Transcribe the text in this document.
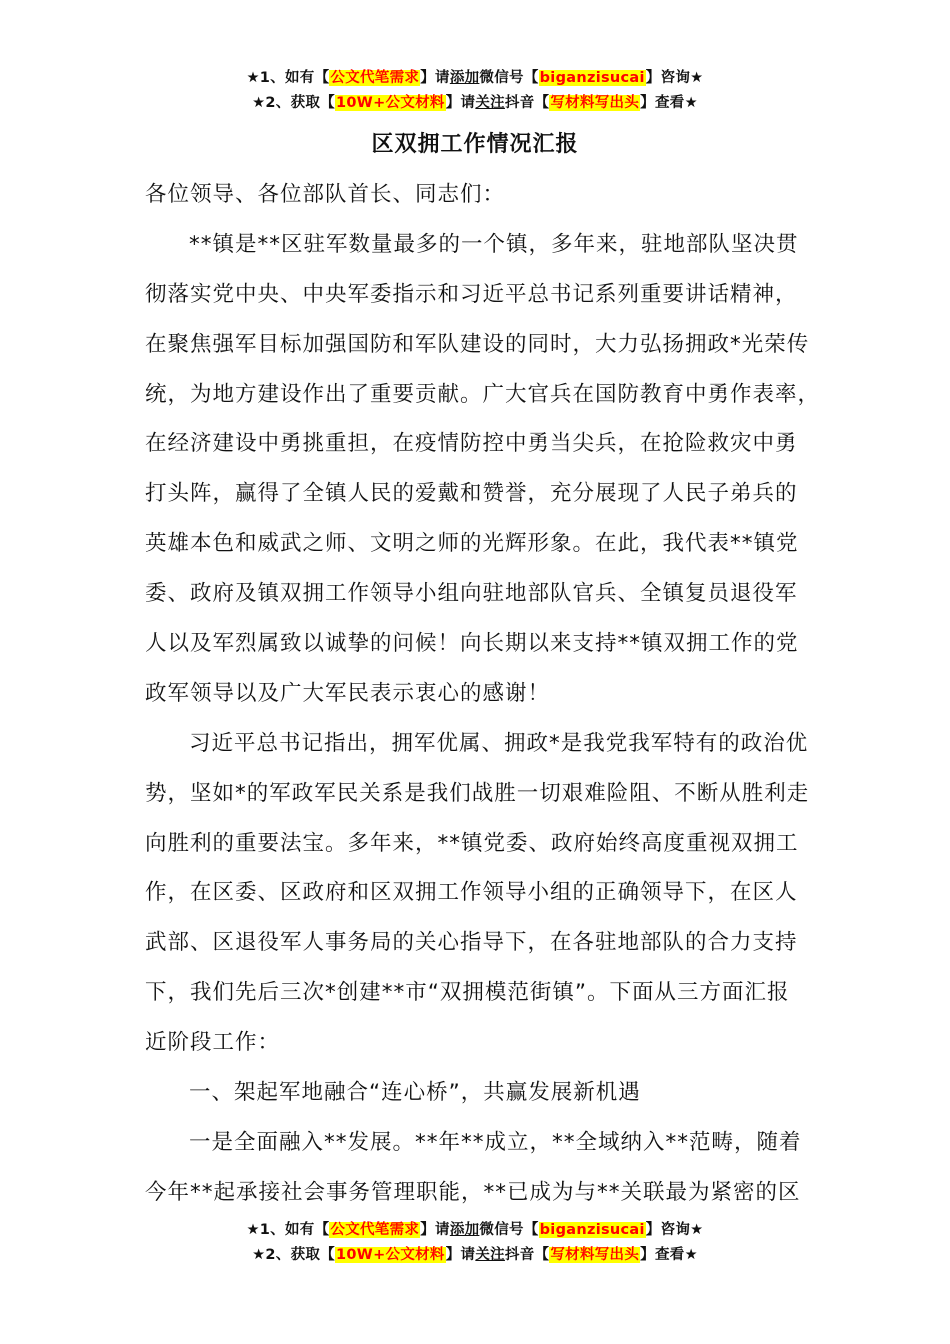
★1、如有【公文代笔需求】请添加微信号【biganzisucai】咨询★
★2、获取【10W+公文材料】请关注抖音【写材料写出头】查看★
区双拥工作情况汇报
各位领导、各位部队首长、同志们：
**镇是**区驻军数量最多的一个镇，多年来，驻地部队坚决贯
彻落实党中央、中央军委指示和习近平总书记系列重要讲话精神，
在聚焦强军目标加强国防和军队建设的同时，大力弘扬拥政*光荣传
统，为地方建设作出了重要贡献。广大官兵在国防教育中勇作表率，
在经济建设中勇挑重担，在疫情防控中勇当尖兵，在抢险救灾中勇
打头阵，赢得了全镇人民的爱戴和赞誉，充分展现了人民子弟兵的
英雄本色和威武之师、文明之师的光辉形象。在此，我代表**镇党
委、政府及镇双拥工作领导小组向驻地部队官兵、全镇复员退役军
人以及军烈属致以诚挚的问候！向长期以来支持**镇双拥工作的党
政军领导以及广大军民表示衷心的感谢！
习近平总书记指出，拥军优属、拥政*是我党我军特有的政治优
势，坚如*的军政军民关系是我们战胜一切艰难险阻、不断从胜利走
向胜利的重要法宝。多年来，**镇党委、政府始终高度重视双拥工
作，在区委、区政府和区双拥工作领导小组的正确领导下，在区人
武部、区退役军人事务局的关心指导下，在各驻地部队的合力支持
下，我们先后三次*创建**市“双拥模范街镇”。下面从三方面汇报
近阶段工作：
一、架起军地融合“连心桥”，共赢发展新机遇
一是全面融入**发展。**年**成立，**全域纳入**范畴，随着
今年**起承接社会事务管理职能，**已成为与**关联最为紧密的区
★1、如有【公文代笔需求】请添加微信号【biganzisucai】咨询★
★2、获取【10W+公文材料】请关注抖音【写材料写出头】查看★
